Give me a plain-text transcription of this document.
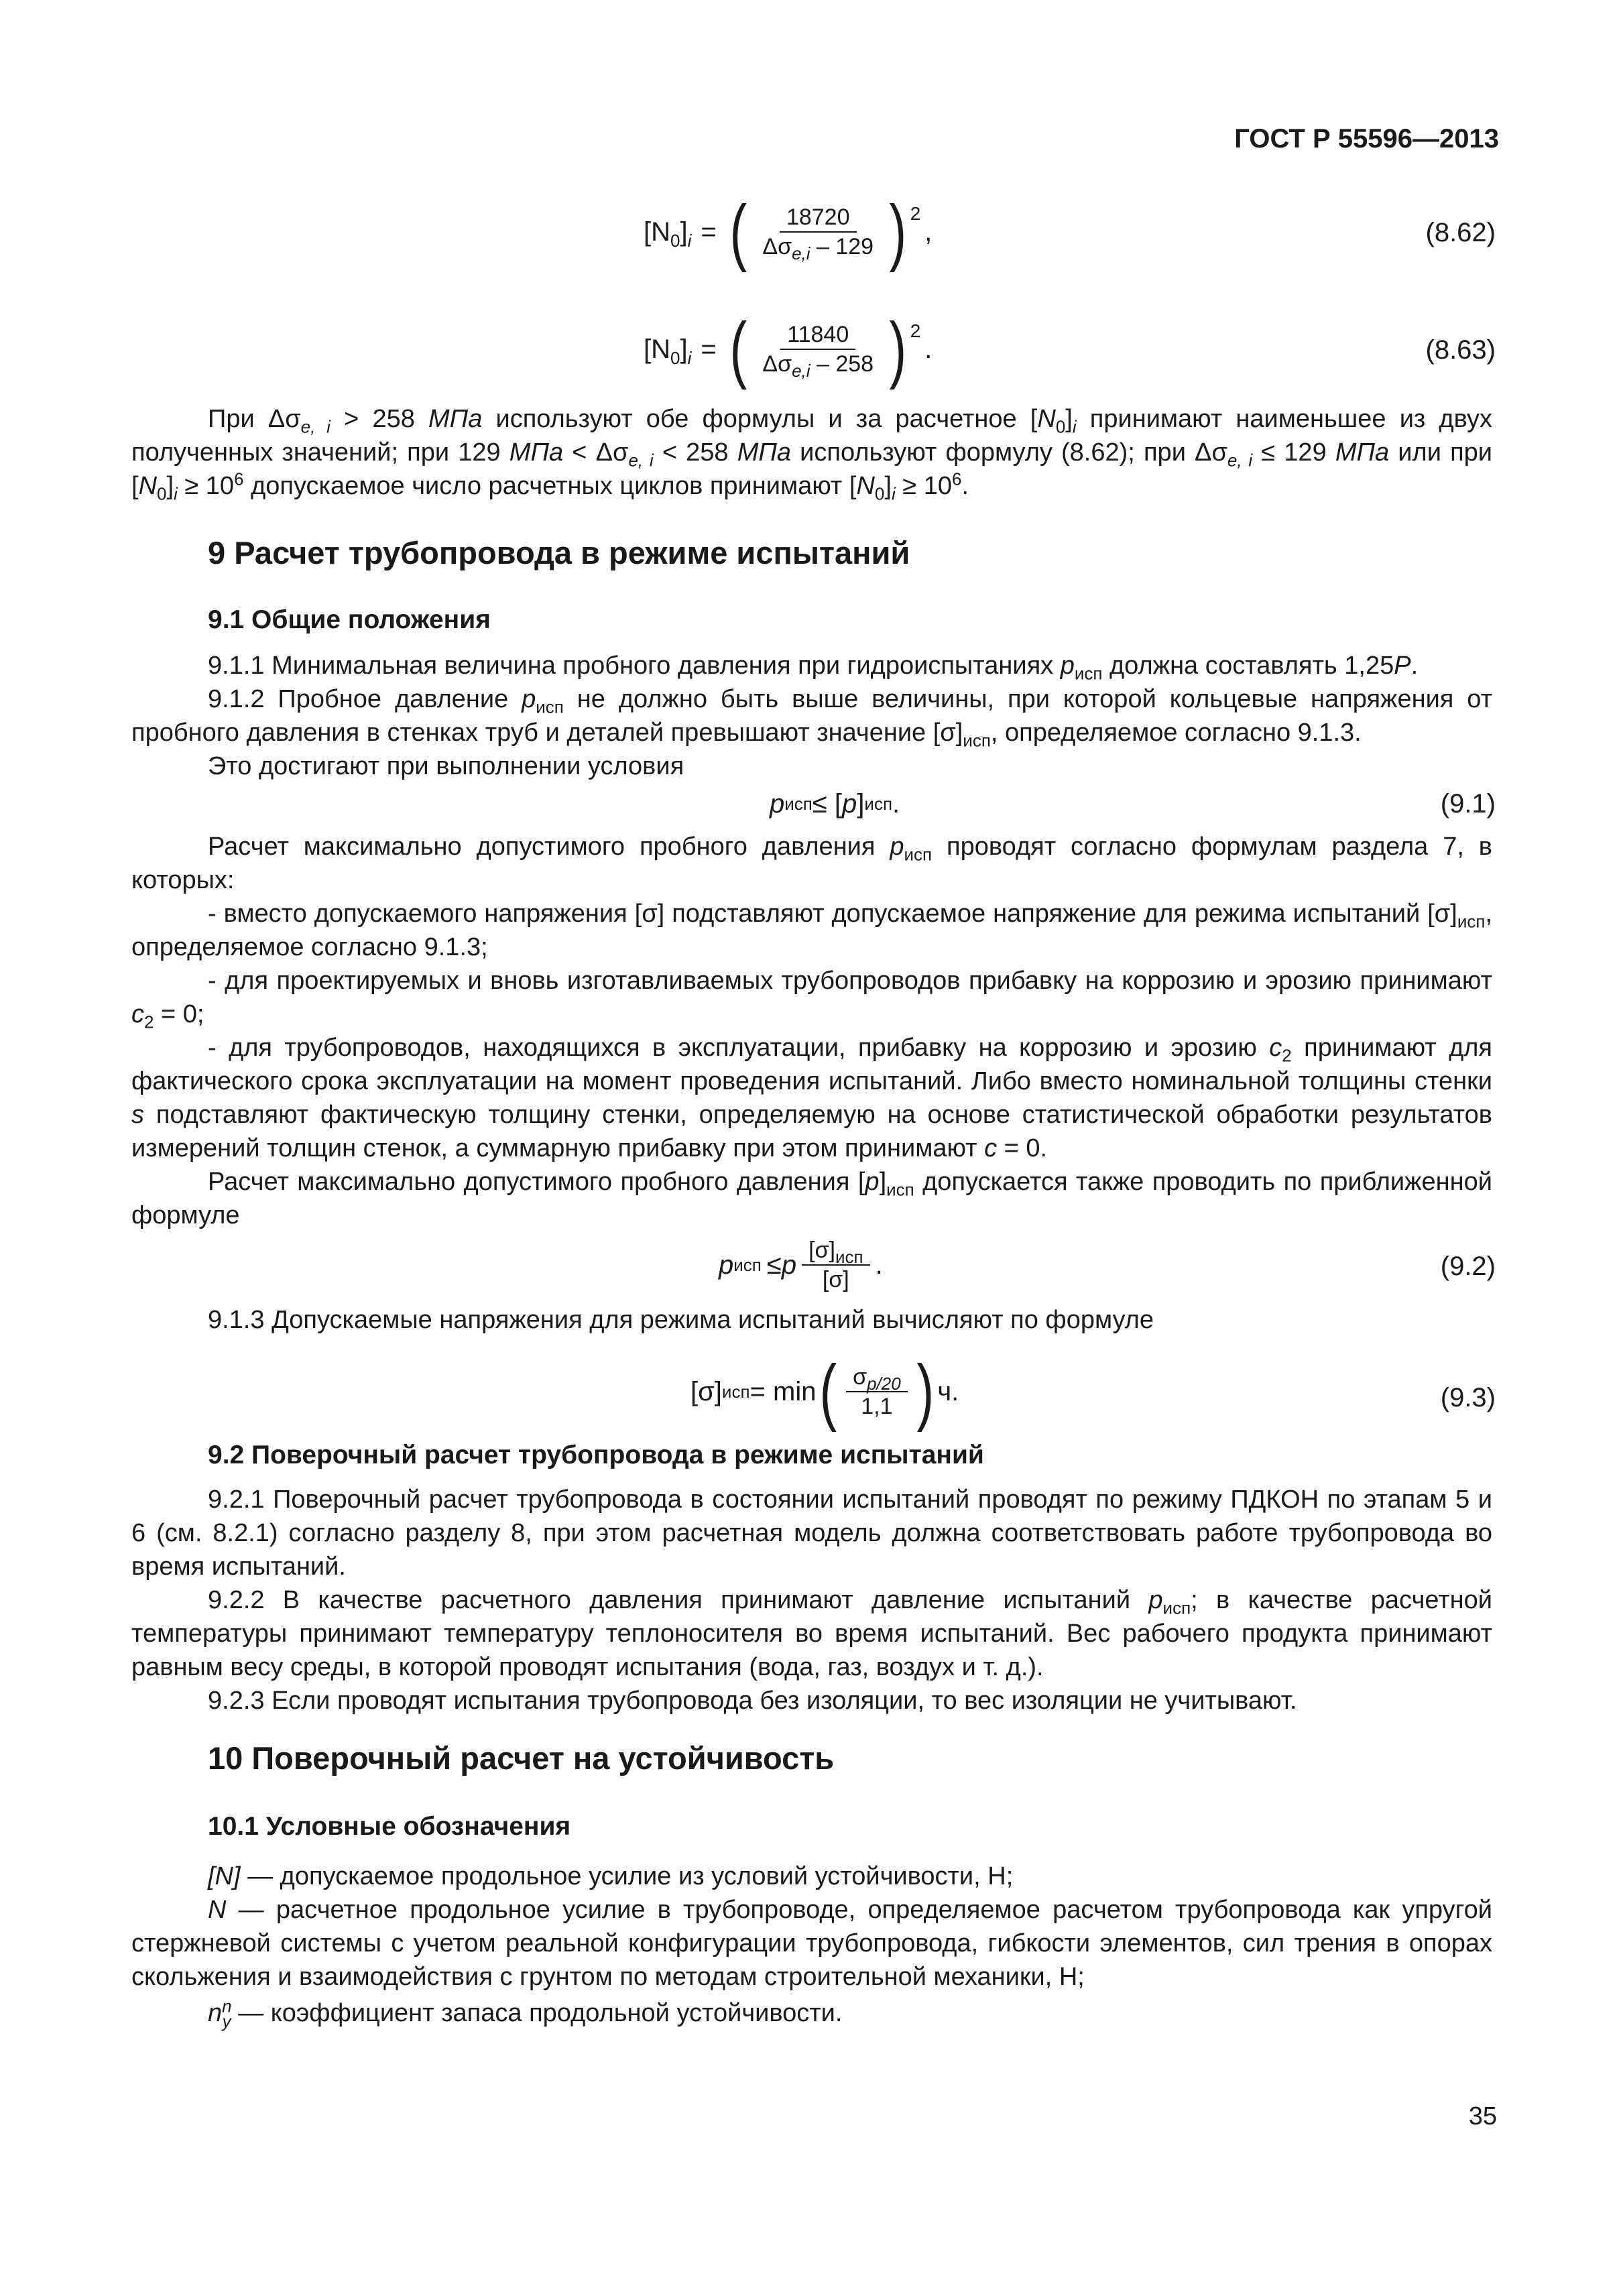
ГОСТ Р 55596—2013
$[N_0]_i$ = ( $\frac{18720}{\Delta\sigma_{e,i} - 129}$ ) 2
,	(8.62)
$[N_0]_i$ = ( $\frac{11840}{\Delta\sigma_{e,i} - 258}$ ) 2
.	(8.63)
При $\Delta\sigma_{e, i} > 258$ МПа используют обе формулы и за расчетное $[N_0]_i$ принимают наименьшее из двух полученных значений; при 129 МПа < $\Delta\sigma_{e, i} < 258$ МПа используют формулу (8.62); при $\Delta\sigma_{e, i} \le 129$ МПа или при $[N_0]_i \ge 10^6$ допускаемое число расчетных циклов принимают $[N_0]_i \ge 10^6$.
9 Расчет трубопровода в режиме испытаний
9.1 Общие положения
9.1.1 Минимальная величина пробного давления при гидроиспытаниях $p_{исп}$ должна составлять 1,25P.
9.1.2 Пробное давление $p_{исп}$ не должно быть выше величины, при которой кольцевые напряжения от пробного давления в стенках труб и деталей превышают значение $[\sigma]_{исп}$, определяемое согласно 9.1.3.
Это достигают при выполнении условия
p исп ≤ [ p ] исп .	(9.1)
Расчет максимально допустимого пробного давления $p_{исп}$ проводят согласно формулам раздела 7, в которых:
- вместо допускаемого напряжения [σ] подставляют допускаемое напряжение для режима испытаний $[\sigma]_{исп}$, определяемое согласно 9.1.3;
- для проектируемых и вновь изготавливаемых трубопроводов прибавку на коррозию и эрозию принимают $c_2 = 0$;
- для трубопроводов, находящихся в эксплуатации, прибавку на коррозию и эрозию $c_2$ принимают для фактического срока эксплуатации на момент проведения испытаний. Либо вместо номинальной толщины стенки s подставляют фактическую толщину стенки, определяемую на основе статистической обработки результатов измерений толщин стенок, а суммарную прибавку при этом принимают c = 0.
Расчет максимально допустимого пробного давления $[p]_{исп}$ допускается также проводить по приближенной формуле
p исп ≤ p $\frac{[\sigma]_{исп}}{[\sigma]}$ .	(9.2)
9.1.3 Допускаемые напряжения для режима испытаний вычисляют по формуле
[σ] исп = min ( $\frac{\sigma_{p/20}}{1,1}$ ) ч.	(9.3)
9.2 Поверочный расчет трубопровода в режиме испытаний
9.2.1 Поверочный расчет трубопровода в состоянии испытаний проводят по режиму ПДКОН по этапам 5 и 6 (см. 8.2.1) согласно разделу 8, при этом расчетная модель должна соответствовать работе трубопровода во время испытаний.
9.2.2 В качестве расчетного давления принимают давление испытаний $p_{исп}$; в качестве расчетной температуры принимают температуру теплоносителя во время испытаний. Вес рабочего продукта принимают равным весу среды, в которой проводят испытания (вода, газ, воздух и т. д.).
9.2.3 Если проводят испытания трубопровода без изоляции, то вес изоляции не учитывают.
10 Поверочный расчет на устойчивость
10.1 Условные обозначения
[N] — допускаемое продольное усилие из условий устойчивости, Н;
N — расчетное продольное усилие в трубопроводе, определяемое расчетом трубопровода как упругой стержневой системы с учетом реальной конфигурации трубопровода, гибкости элементов, сил трения в опорах скольжения и взаимодействия с грунтом по методам строительной механики, Н;
$n^n_y$ — коэффициент запаса продольной устойчивости.
35
